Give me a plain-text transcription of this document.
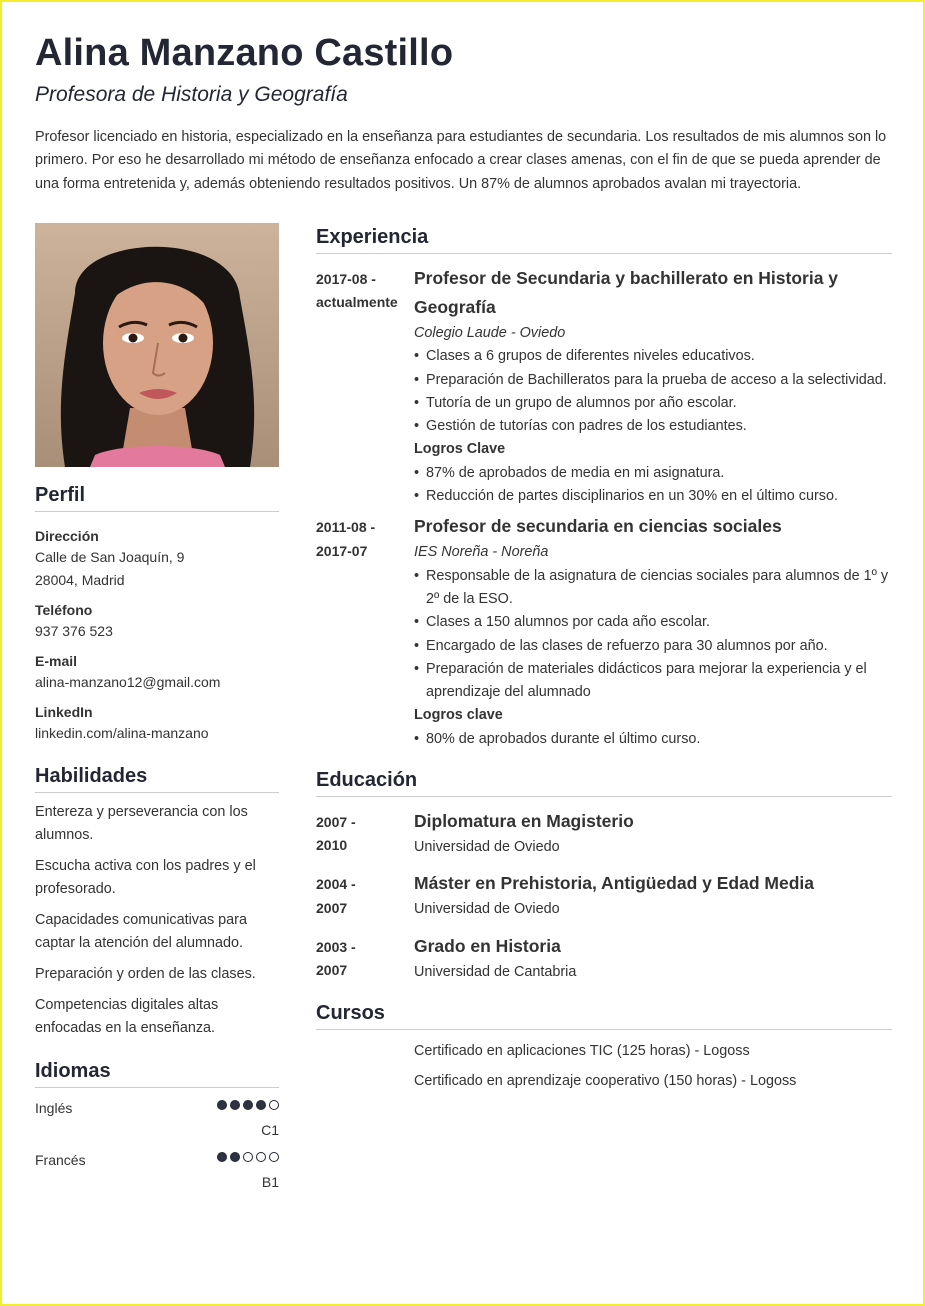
Alina Manzano Castillo

Profesora de Historia y Geografía

Profesor licenciado en historia, especializado en la enseñanza para estudiantes de secundaria. Los resultados de mis alumnos son lo primero. Por eso he desarrollado mi método de enseñanza enfocado a crear clases amenas, con el fin de que se pueda aprender de una forma entretenida y, además obteniendo resultados positivos. Un 87% de alumnos aprobados avalan mi trayectoria.

Perfil
Dirección
Calle de San Joaquín, 9
28004, Madrid
Teléfono
937 376 523
E-mail
alina-manzano12@gmail.com
LinkedIn
linkedin.com/alina-manzano
Habilidades
Entereza y perseverancia con los alumnos.
Escucha activa con los padres y el profesorado.
Capacidades comunicativas para captar la atención del alumnado.
Preparación y orden de las clases.
Competencias digitales altas enfocadas en la enseñanza.
Idiomas
Inglés
C1
Francés
B1
Experiencia
2017-08 -
actualmente
Profesor de Secundaria y bachillerato en Historia y Geografía
Colegio Laude - Oviedo
• Clases a 6 grupos de diferentes niveles educativos.
• Preparación de Bachilleratos para la prueba de acceso a la selectividad.
• Tutoría de un grupo de alumnos por año escolar.
• Gestión de tutorías con padres de los estudiantes.
Logros Clave
• 87% de aprobados de media en mi asignatura.
• Reducción de partes disciplinarios en un 30% en el último curso.
2011-08 -
2017-07
Profesor de secundaria en ciencias sociales
IES Noreña - Noreña
• Responsable de la asignatura de ciencias sociales para alumnos de 1º y 2º de la ESO.
• Clases a 150 alumnos por cada año escolar.
• Encargado de las clases de refuerzo para 30 alumnos por año.
• Preparación de materiales didácticos para mejorar la experiencia y el aprendizaje del alumnado
Logros clave
• 80% de aprobados durante el último curso.
Educación
2007 -
2010
Diplomatura en Magisterio
Universidad de Oviedo
2004 -
2007
Máster en Prehistoria, Antigüedad y Edad Media
Universidad de Oviedo
2003 -
2007
Grado en Historia
Universidad de Cantabria
Cursos
Certificado en aplicaciones TIC (125 horas) - Logoss
Certificado en aprendizaje cooperativo (150 horas) - Logoss
